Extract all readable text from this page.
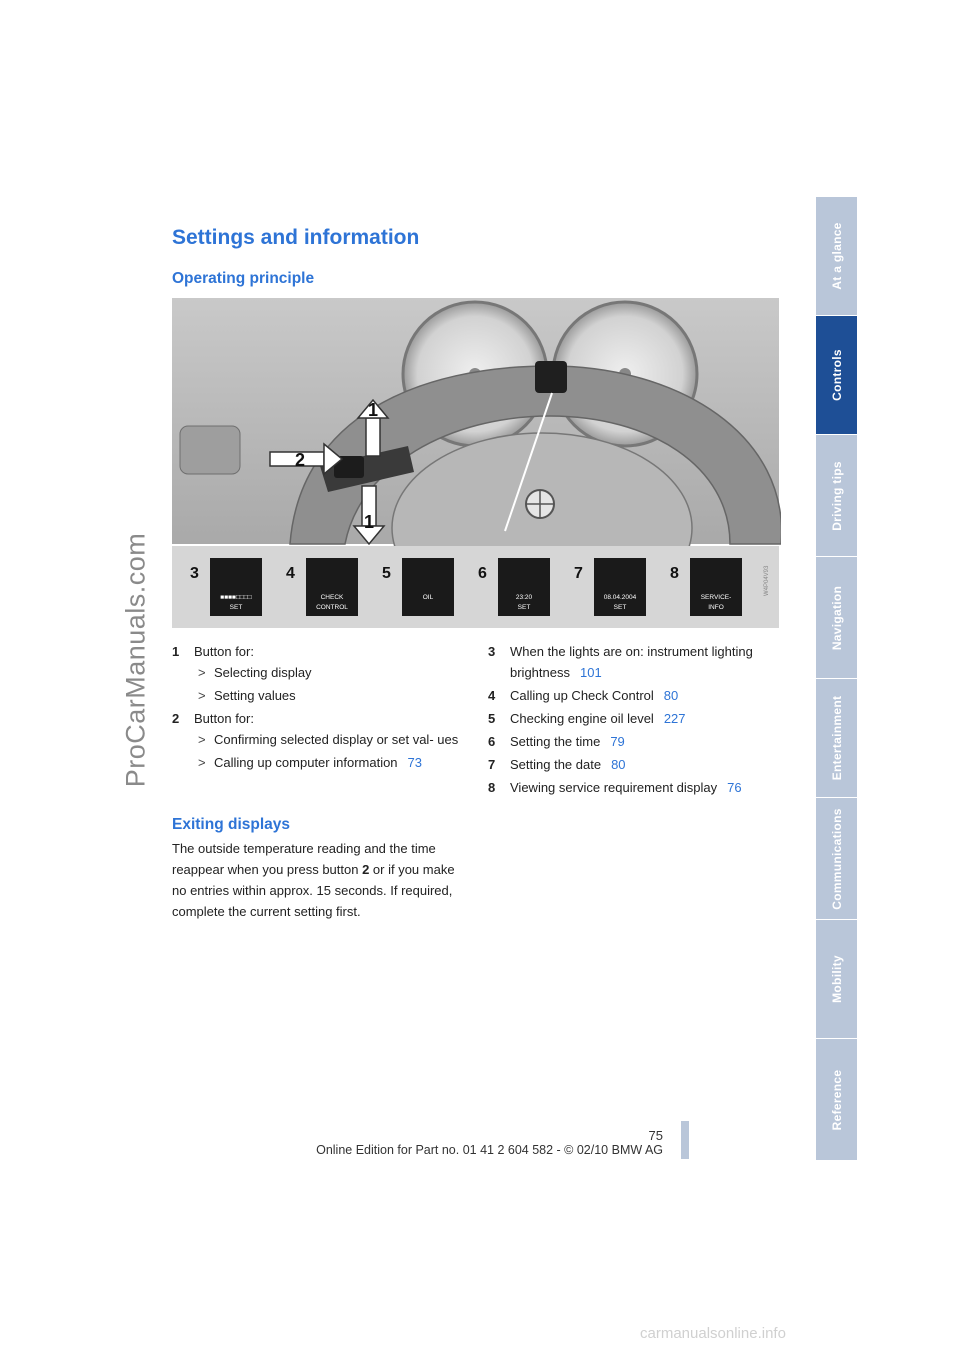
ProCarManuals.com
At a glance
Controls
Driving tips
Navigation
Entertainment
Communications
Mobility
Reference
Settings and information
Operating principle
1
2
1
3
■■■■□□□□
SET
4
CHECK
CONTROL
5
OIL
6
23:20
SET
7
08.04.2004
SET
8
SERVICE-
INFO
W4P04V93
1 Button for:
> Selecting display
> Setting values
2 Button for:
> Confirming selected display or set val- ues
> Calling up computer information 73
3 When the lights are on: instrument lighting brightness 101
4 Calling up Check Control 80
5 Checking engine oil level 227
6 Setting the time 79
7 Setting the date 80
8 Viewing service requirement display 76
Exiting displays
The outside temperature reading and the time reappear when you press button 2 or if you make no entries within approx. 15 seconds. If required, complete the current setting first.
75
Online Edition for Part no. 01 41 2 604 582 - © 02/10 BMW AG
carmanualsonline.info
